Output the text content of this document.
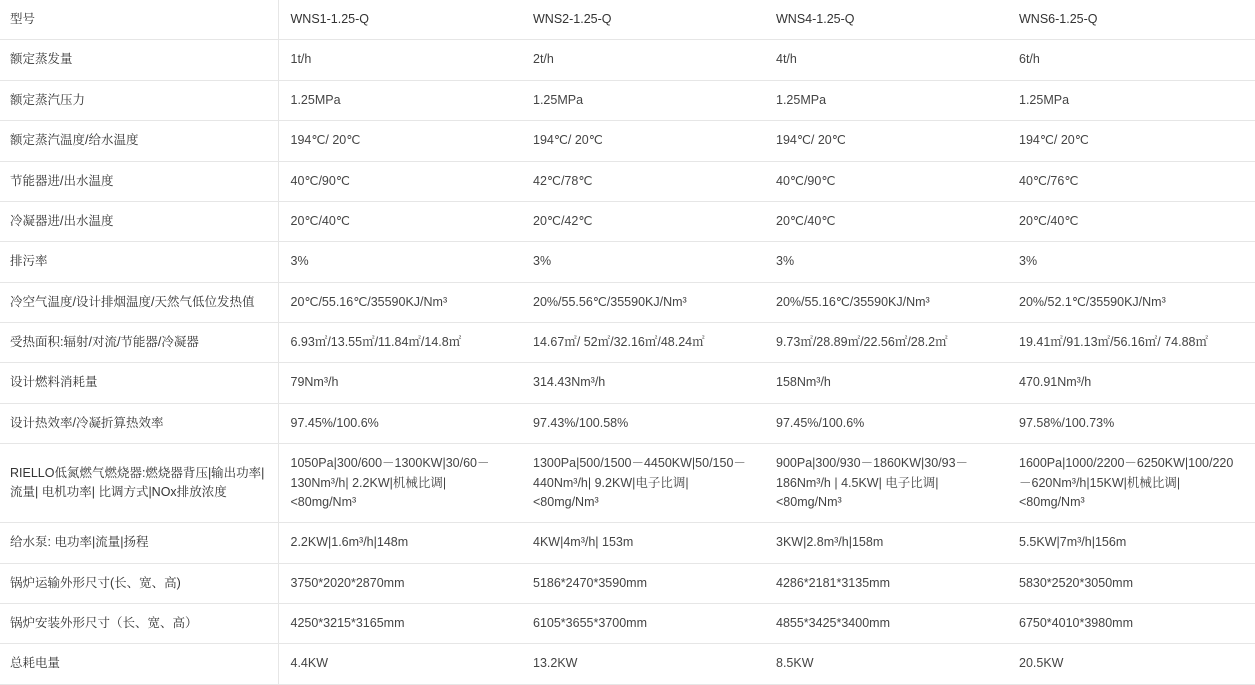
型号	WNS1-1.25-Q	WNS2-1.25-Q	WNS4-1.25-Q	WNS6-1.25-Q
额定蒸发量	1t/h	2t/h	4t/h	6t/h
额定蒸汽压力	1.25MPa	1.25MPa	1.25MPa	1.25MPa
额定蒸汽温度/给水温度	194℃/ 20℃	194℃/ 20℃	194℃/ 20℃	194℃/ 20℃
节能器进/出水温度	40℃/90℃	42℃/78℃	40℃/90℃	40℃/76℃
冷凝器进/出水温度	20℃/40℃	20℃/42℃	20℃/40℃	20℃/40℃
排污率	3%	3%	3%	3%
冷空气温度/设计排烟温度/天然气低位发热值	20℃/55.16℃/35590KJ/Nm³	20%/55.56℃/35590KJ/Nm³	20%/55.16℃/35590KJ/Nm³	20%/52.1℃/35590KJ/Nm³
受热面积:辐射/对流/节能器/冷凝器	6.93㎡/13.55㎡/11.84㎡/14.8㎡	14.67㎡/ 52㎡/32.16㎡/48.24㎡	9.73㎡/28.89㎡/22.56㎡/28.2㎡	19.41㎡/91.13㎡/56.16㎡/ 74.88㎡
设计燃料消耗量	79Nm³/h	314.43Nm³/h	158Nm³/h	470.91Nm³/h
设计热效率/冷凝折算热效率	97.45%/100.6%	97.43%/100.58%	97.45%/100.6%	97.58%/100.73%
RIELLO低氮燃气燃烧器:燃烧器背压|输出功率|流量| 电机功率| 比调方式|NOx排放浓度	1050Pa|300/600－1300KW|30/60－130Nm³/h| 2.2KW|机械比调| <80mg/Nm³	1300Pa|500/1500－4450KW|50/150－440Nm³/h| 9.2KW|电子比调| <80mg/Nm³	900Pa|300/930－1860KW|30/93－186Nm³/h | 4.5KW| 电子比调|<80mg/Nm³	1600Pa|1000/2200－6250KW|100/220－620Nm³/h|15KW|机械比调| <80mg/Nm³
给水泵: 电功率|流量|扬程	2.2KW|1.6m³/h|148m	4KW|4m³/h| 153m	3KW|2.8m³/h|158m	5.5KW|7m³/h|156m
锅炉运输外形尺寸(长、宽、高)	3750*2020*2870mm	5186*2470*3590mm	4286*2181*3135mm	5830*2520*3050mm
锅炉安装外形尺寸（长、宽、高）	4250*3215*3165mm	6105*3655*3700mm	4855*3425*3400mm	6750*4010*3980mm
总耗电量	4.4KW	13.2KW	8.5KW	20.5KW
